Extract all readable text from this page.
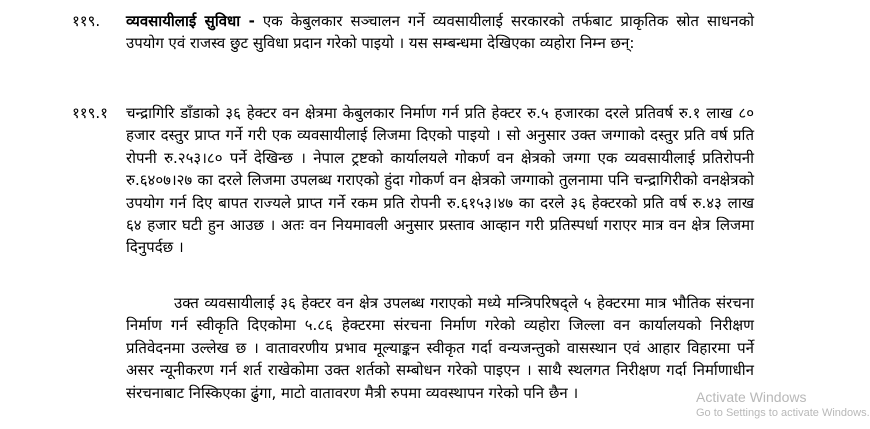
११९. व्यवसायीलाई सुविधा - एक केबुलकार सञ्चालन गर्ने व्यवसायीलाई सरकारको तर्फबाट प्राकृतिक स्रोत साधनको उपयोग एवं राजस्व छुट सुविधा प्रदान गरेको पाइयो । यस सम्बन्धमा देखिएका व्यहोरा निम्न छन्:
११९.१ चन्द्रागिरि डाँडाको ३६ हेक्टर वन क्षेत्रमा केबुलकार निर्माण गर्न प्रति हेक्टर रु.५ हजारका दरले प्रतिवर्ष रु.१ लाख ८० हजार दस्तुर प्राप्त गर्ने गरी एक व्यवसायीलाई लिजमा दिएको पाइयो । सो अनुसार उक्त जग्गाको दस्तुर प्रति वर्ष प्रति रोपनी रु.२५३।८० पर्ने देखिन्छ । नेपाल ट्रष्टको कार्यालयले गोकर्ण वन क्षेत्रको जग्गा एक व्यवसायीलाई प्रतिरोपनी रु.६४०७।२७ का दरले लिजमा उपलब्ध गराएको हुंदा गोकर्ण वन क्षेत्रको जग्गाको तुलनामा पनि चन्द्रागिरीको वनक्षेत्रको उपयोग गर्न दिए बापत राज्यले प्राप्त गर्ने रकम प्रति रोपनी रु.६१५३।४७ का दरले ३६ हेक्टरको प्रति वर्ष रु.४३ लाख ६४ हजार घटी हुन आउछ । अतः वन नियमावली अनुसार प्रस्ताव आव्हान गरी प्रतिस्पर्धा गराएर मात्र वन क्षेत्र लिजमा दिनुपर्दछ ।
उक्त व्यवसायीलाई ३६ हेक्टर वन क्षेत्र उपलब्ध गराएको मध्ये मन्त्रिपरिषद्ले ५ हेक्टरमा मात्र भौतिक संरचना निर्माण गर्न स्वीकृति दिएकोमा ५.८६ हेक्टरमा संरचना निर्माण गरेको व्यहोरा जिल्ला वन कार्यालयको निरीक्षण प्रतिवेदनमा उल्लेख छ । वातावरणीय प्रभाव मूल्याङ्कन स्वीकृत गर्दा वन्यजन्तुको वासस्थान एवं आहार विहारमा पर्ने असर न्यूनीकरण गर्न शर्त राखेकोमा उक्त शर्तको सम्बोधन गरेको पाइएन । साथै स्थलगत निरीक्षण गर्दा निर्माणाधीन संरचनाबाट निस्किएका ढुंगा, माटो वातावरण मैत्री रुपमा व्यवस्थापन गरेको पनि छैन ।	Activate Windows
Go to Settings to activate Windows.
